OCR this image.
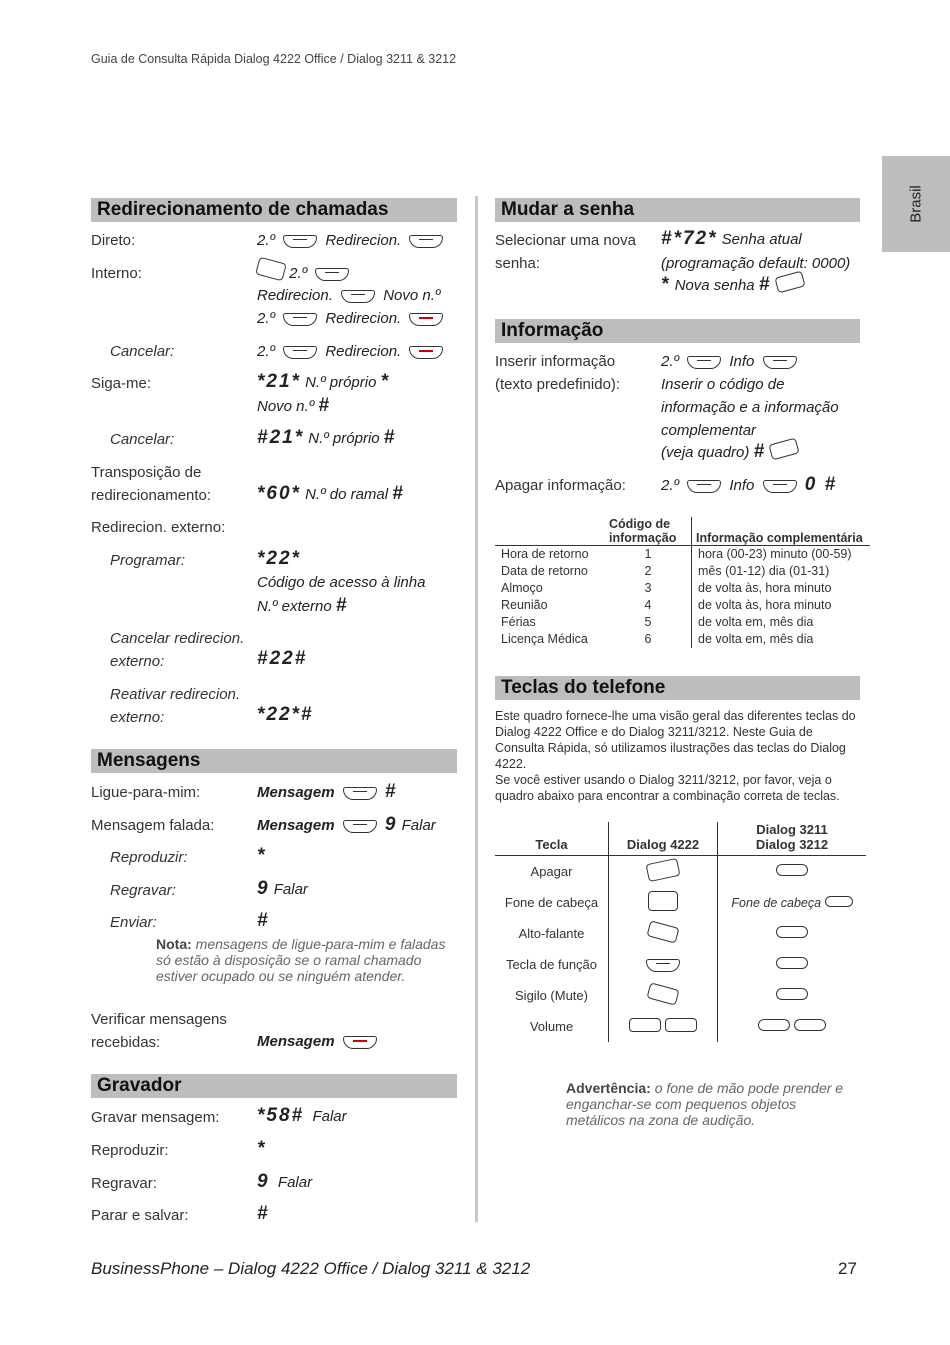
Guia de Consulta Rápida Dialog 4222 Office / Dialog 3211 & 3212
Brasil
Redirecionamento de chamadas
Direto:	2.º	Redirecion.
Interno:	2.º
Redirecion.	Novo n.º
2.º	Redirecion.
Cancelar:	2.º	Redirecion.
Siga-me:	*21* N.º próprio *
Novo n.º #
Cancelar:	#21* N.º próprio #
Transposição de
redirecionamento: *60* N.º do ramal #
Redirecion. externo:
Programar:	*22*
Código de acesso à linha
N.º externo #
Cancelar redirecion.
externo:	#22#
Reativar redirecion.
externo:	*22*#
Mensagens
Ligue-para-mim:	Mensagem	#
Mensagem falada:	Mensagem	9 Falar
Reproduzir:	*
Regravar:	9 Falar
Enviar:	#
Nota: mensagens de ligue-para-mim e faladas só estão à disposição se o ramal chamado estiver ocupado ou se ninguém atender.
Verificar mensagens
recebidas:	Mensagem
Gravador
Gravar mensagem: *58# Falar
Reproduzir:	*
Regravar:	9 Falar
Parar e salvar:	#
Mudar a senha
Selecionar uma nova
senha:
#*72* Senha atual
(programação default: 0000)
* Nova senha #
Informação
Inserir informação
(texto predefinido):
2.º	Info
Inserir o código de
informação e a informação
complementar
(veja quadro) #
Apagar informação: 2.º	Info	0 #
	Código de informação	Informação complementária
Hora de retorno	1	hora (00-23) minuto (00-59)
Data de retorno	2	mês (01-12) dia (01-31)
Almoço	3	de volta às, hora minuto
Reunião	4	de volta às, hora minuto
Férias	5	de volta em, mês dia
Licença Médica	6	de volta em, mês dia
Teclas do telefone
Este quadro fornece-lhe uma visão geral das diferentes teclas do Dialog 4222 Office e do Dialog 3211/3212. Neste Guia de Consulta Rápida, só utilizamos ilustrações das teclas do Dialog 4222.
Se você estiver usando o Dialog 3211/3212, por favor, veja o quadro abaixo para encontrar a combinação correta de teclas.
Tecla	Dialog 4222	Dialog 3211
Dialog 3212
Apagar		
Fone de cabeça		Fone de cabeça
Alto-falante		
Tecla de função		
Sigilo (Mute)		
Volume		
Advertência: o fone de mão pode prender e enganchar-se com pequenos objetos metálicos na zona de audição.
BusinessPhone – Dialog 4222 Office / Dialog 3211 & 3212	27
